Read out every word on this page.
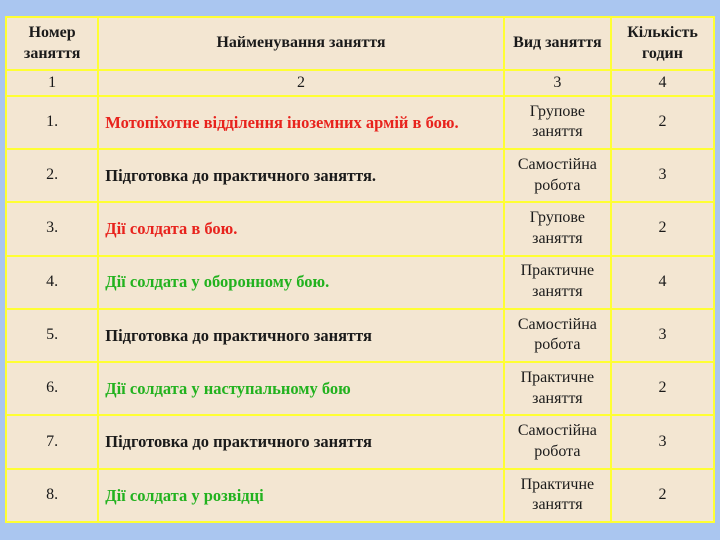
Номер заняття	Найменування заняття	Вид заняття	Кількість годин
1	2	3	4
1.	Мотопіхотне відділення іноземних армій в бою.	Групове заняття	2
2.	Підготовка до практичного заняття.	Самостійна робота	3
3.	Дії солдата в бою.	Групове заняття	2
4.	Дії солдата у оборонному бою.	Практичне заняття	4
5.	Підготовка до практичного заняття	Самостійна робота	3
6.	Дії солдата у наступальному бою	Практичне заняття	2
7.	Підготовка до практичного заняття	Самостійна робота	3
8.	Дії солдата у розвідці	Практичне заняття	2
